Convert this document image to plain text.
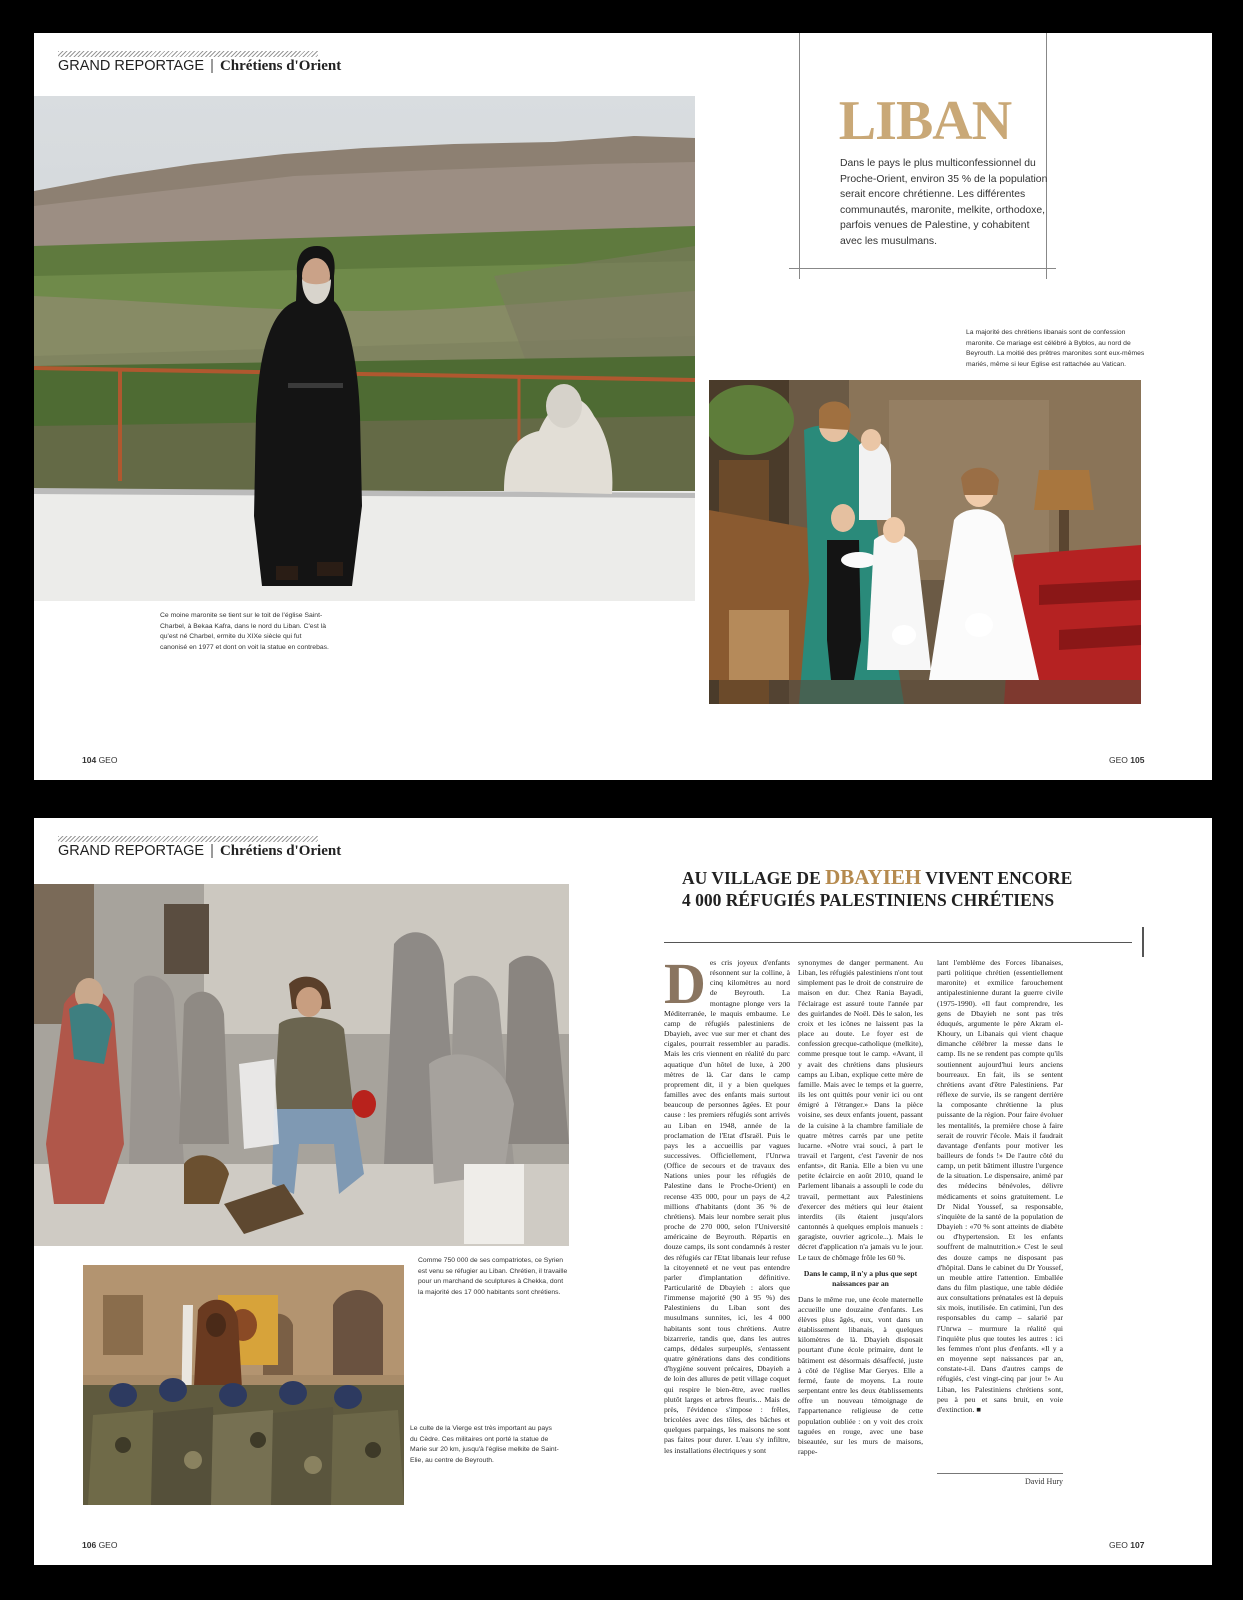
GRAND REPORTAGE | Chrétiens d'Orient
Ce moine maronite se tient sur le toit de l'église Saint-Charbel, à Bekaa Kafra, dans le nord du Liban. C'est là qu'est né Charbel, ermite du XIXe siècle qui fut canonisé en 1977 et dont on voit la statue en contrebas.
LIBAN
Dans le pays le plus multiconfessionnel du Proche-Orient, environ 35 % de la population serait encore chrétienne. Les différentes communautés, maronite, melkite, orthodoxe, parfois venues de Palestine, y cohabitent avec les musulmans.
La majorité des chrétiens libanais sont de confession maronite. Ce mariage est célébré à Byblos, au nord de Beyrouth. La moitié des prêtres maronites sont eux-mêmes mariés, même si leur Eglise est rattachée au Vatican.
104 GEO	GEO 105
GRAND REPORTAGE | Chrétiens d'Orient
Comme 750 000 de ses compatriotes, ce Syrien est venu se réfugier au Liban. Chrétien, il travaille pour un marchand de sculptures à Chekka, dont la majorité des 17 000 habitants sont chrétiens.
Le culte de la Vierge est très important au pays du Cèdre. Ces militaires ont porté la statue de Marie sur 20 km, jusqu'à l'église melkite de Saint-Elie, au centre de Beyrouth.
AU VILLAGE DE DBAYIEH VIVENT ENCORE
4 000 RÉFUGIÉS PALESTINIENS CHRÉTIENS
D es cris joyeux d'enfants résonnent sur la colline, à cinq kilomètres au nord de Beyrouth. La montagne plonge vers la Méditerranée, le maquis embaume. Le camp de réfugiés palestiniens de Dbayieh, avec vue sur mer et chant des cigales, pourrait ressembler au paradis. Mais les cris viennent en réalité du parc aquatique d'un hôtel de luxe, à 200 mètres de là. Car dans le camp proprement dit, il y a bien quelques familles avec des enfants mais surtout beaucoup de personnes âgées. Et pour cause : les premiers réfugiés sont arrivés au Liban en 1948, année de la proclamation de l'Etat d'Israël. Puis le pays les a accueillis par vagues successives. Officiellement, l'Unrwa (Office de secours et de travaux des Nations unies pour les réfugiés de Palestine dans le Proche-Orient) en recense 435 000, pour un pays de 4,2 millions d'habitants (dont 36 % de chrétiens). Mais leur nombre serait plus proche de 270 000, selon l'Université américaine de Beyrouth. Répartis en douze camps, ils sont condamnés à rester des réfugiés car l'Etat libanais leur refuse la citoyenneté et ne veut pas entendre parler d'implantation définitive. Particularité de Dbayieh : alors que l'immense majorité (90 à 95 %) des Palestiniens du Liban sont des musulmans sunnites, ici, les 4 000 habitants sont tous chrétiens. Autre bizarrerie, tandis que, dans les autres camps, dédales surpeuplés, s'entassent quatre générations dans des conditions d'hygiène souvent précaires, Dbayieh a de loin des allures de petit village coquet qui respire le bien-être, avec ruelles plutôt larges et arbres fleuris... Mais de près, l'évidence s'impose : frêles, bricolées avec des tôles, des bâches et quelques parpaings, les maisons ne sont pas faites pour durer. L'eau s'y infiltre, les installations électriques y sont

synonymes de danger permanent. Au Liban, les réfugiés palestiniens n'ont tout simplement pas le droit de construire de maison en dur. Chez Rania Bayadi, l'éclairage est assuré toute l'année par des guirlandes de Noël. Dès le salon, les croix et les icônes ne laissent pas la place au doute. Le foyer est de confession grecque-catholique (melkite), comme presque tout le camp. «Avant, il y avait des chrétiens dans plusieurs camps au Liban, explique cette mère de famille. Mais avec le temps et la guerre, ils les ont quittés pour venir ici ou ont émigré à l'étranger.» Dans la pièce voisine, ses deux enfants jouent, passant de la cuisine à la chambre familiale de quatre mètres carrés par une petite lucarne. «Notre vrai souci, à part le travail et l'argent, c'est l'avenir de nos enfants», dit Rania. Elle a bien vu une petite éclaircie en août 2010, quand le Parlement libanais a assoupli le code du travail, permettant aux Palestiniens d'exercer des métiers qui leur étaient interdits (ils étaient jusqu'alors cantonnés à quelques emplois manuels : garagiste, ouvrier agricole...). Mais le décret d'application n'a jamais vu le jour. Le taux de chômage frôle les 60 %.

Dans le camp, il n'y a plus que sept naissances par an

Dans le même rue, une école maternelle accueille une douzaine d'enfants. Les élèves plus âgés, eux, vont dans un établissement libanais, à quelques kilomètres de là. Dbayieh disposait pourtant d'une école primaire, dont le bâtiment est désormais désaffecté, juste à côté de l'église Mar Geryes. Elle a fermé, faute de moyens. La route serpentant entre les deux établissements offre un nouveau témoignage de l'appartenance religieuse de cette population oubliée : on y voit des croix taguées en rouge, avec une base biseautée, sur les murs de maisons, rappe-

lant l'emblème des Forces libanaises, parti politique chrétien (essentiellement maronite) et exmilice farouchement antipalestinienne durant la guerre civile (1975-1990). «Il faut comprendre, les gens de Dbayieh ne sont pas très éduqués, argumente le père Akram el-Khoury, un Libanais qui vient chaque dimanche célébrer la messe dans le camp. Ils ne se rendent pas compte qu'ils soutiennent aujourd'hui leurs anciens bourreaux. En fait, ils se sentent chrétiens avant d'être Palestiniens. Par réflexe de survie, ils se rangent derrière la composante chrétienne la plus puissante de la région. Pour faire évoluer les mentalités, la première chose à faire serait de rouvrir l'école. Mais il faudrait davantage d'enfants pour motiver les bailleurs de fonds !» De l'autre côté du camp, un petit bâtiment illustre l'urgence de la situation. Le dispensaire, animé par des médecins bénévoles, délivre médicaments et soins gratuitement. Le Dr Nidal Youssef, sa responsable, s'inquiète de la santé de la population de Dbayieh : «70 % sont atteints de diabète ou d'hypertension. Et les enfants souffrent de malnutrition.» C'est le seul des douze camps ne disposant pas d'hôpital. Dans le cabinet du Dr Youssef, un meuble attire l'attention. Emballée dans du film plastique, une table dédiée aux consultations prénatales est là depuis six mois, inutilisée. En catimini, l'un des responsables du camp – salarié par l'Unrwa – murmure la réalité qui l'inquiète plus que toutes les autres : ici les femmes n'ont plus d'enfants. «Il y a en moyenne sept naissances par an, constate-t-il. Dans d'autres camps de réfugiés, c'est vingt-cinq par jour !» Au Liban, les Palestiniens chrétiens sont, peu à peu et sans bruit, en voie d'extinction. ■

David Hury
106 GEO	GEO 107
